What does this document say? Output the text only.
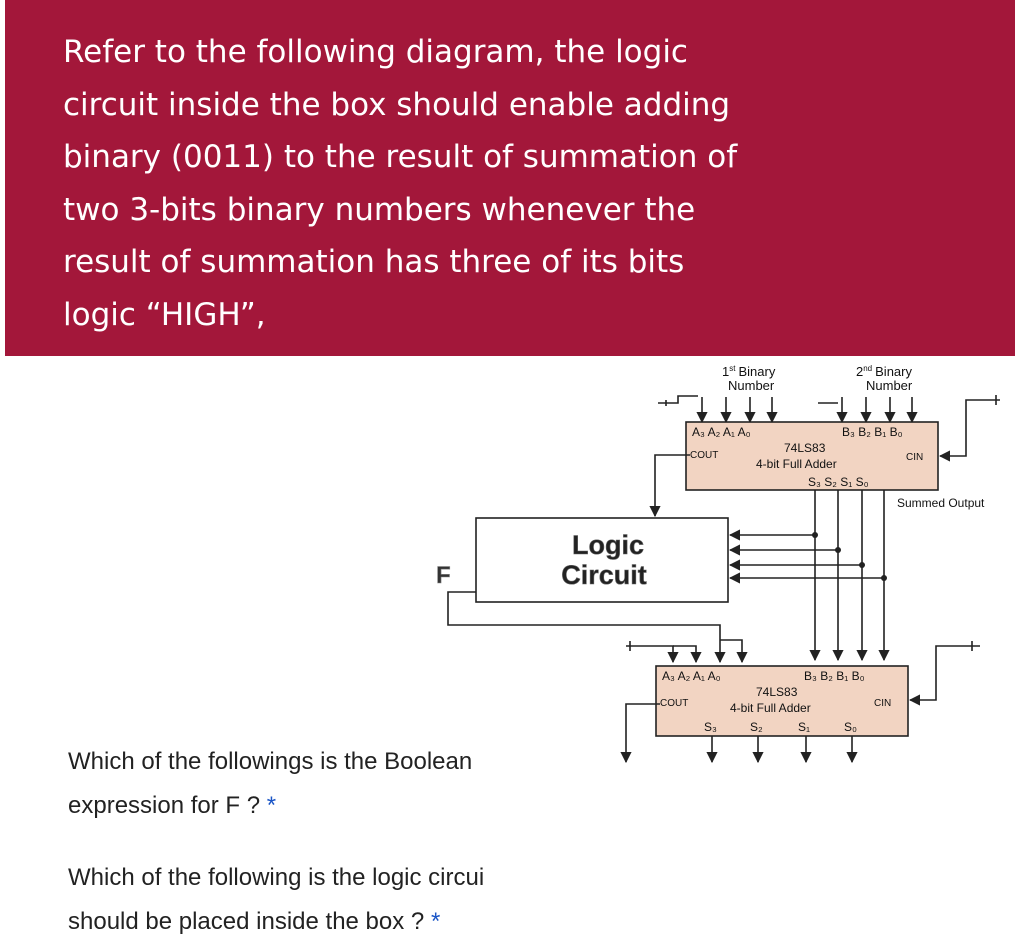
Refer to the following diagram, the logic
circuit inside the box should enable adding
binary (0011) to the result of summation of
two 3-bits binary numbers whenever the
result of summation has three of its bits
logic “HIGH”,
1st Binary
Number
2nd Binary
Number
A₃ A₂ A₁ A₀	B₃ B₂ B₁ B₀
74LS83
4-bit Full Adder
COUT	CIN
S₃ S₂ S₁ S₀
Summed Output
Logic
Circuit
F
A₃ A₂ A₁ A₀	B₃ B₂ B₁ B₀
74LS83
4-bit Full Adder
COUT	CIN
S₃	S₂	S₁	S₀

Which of the followings is the Boolean

expression for F ? *

Which of the following is the logic circui

should be placed inside the box ? *
